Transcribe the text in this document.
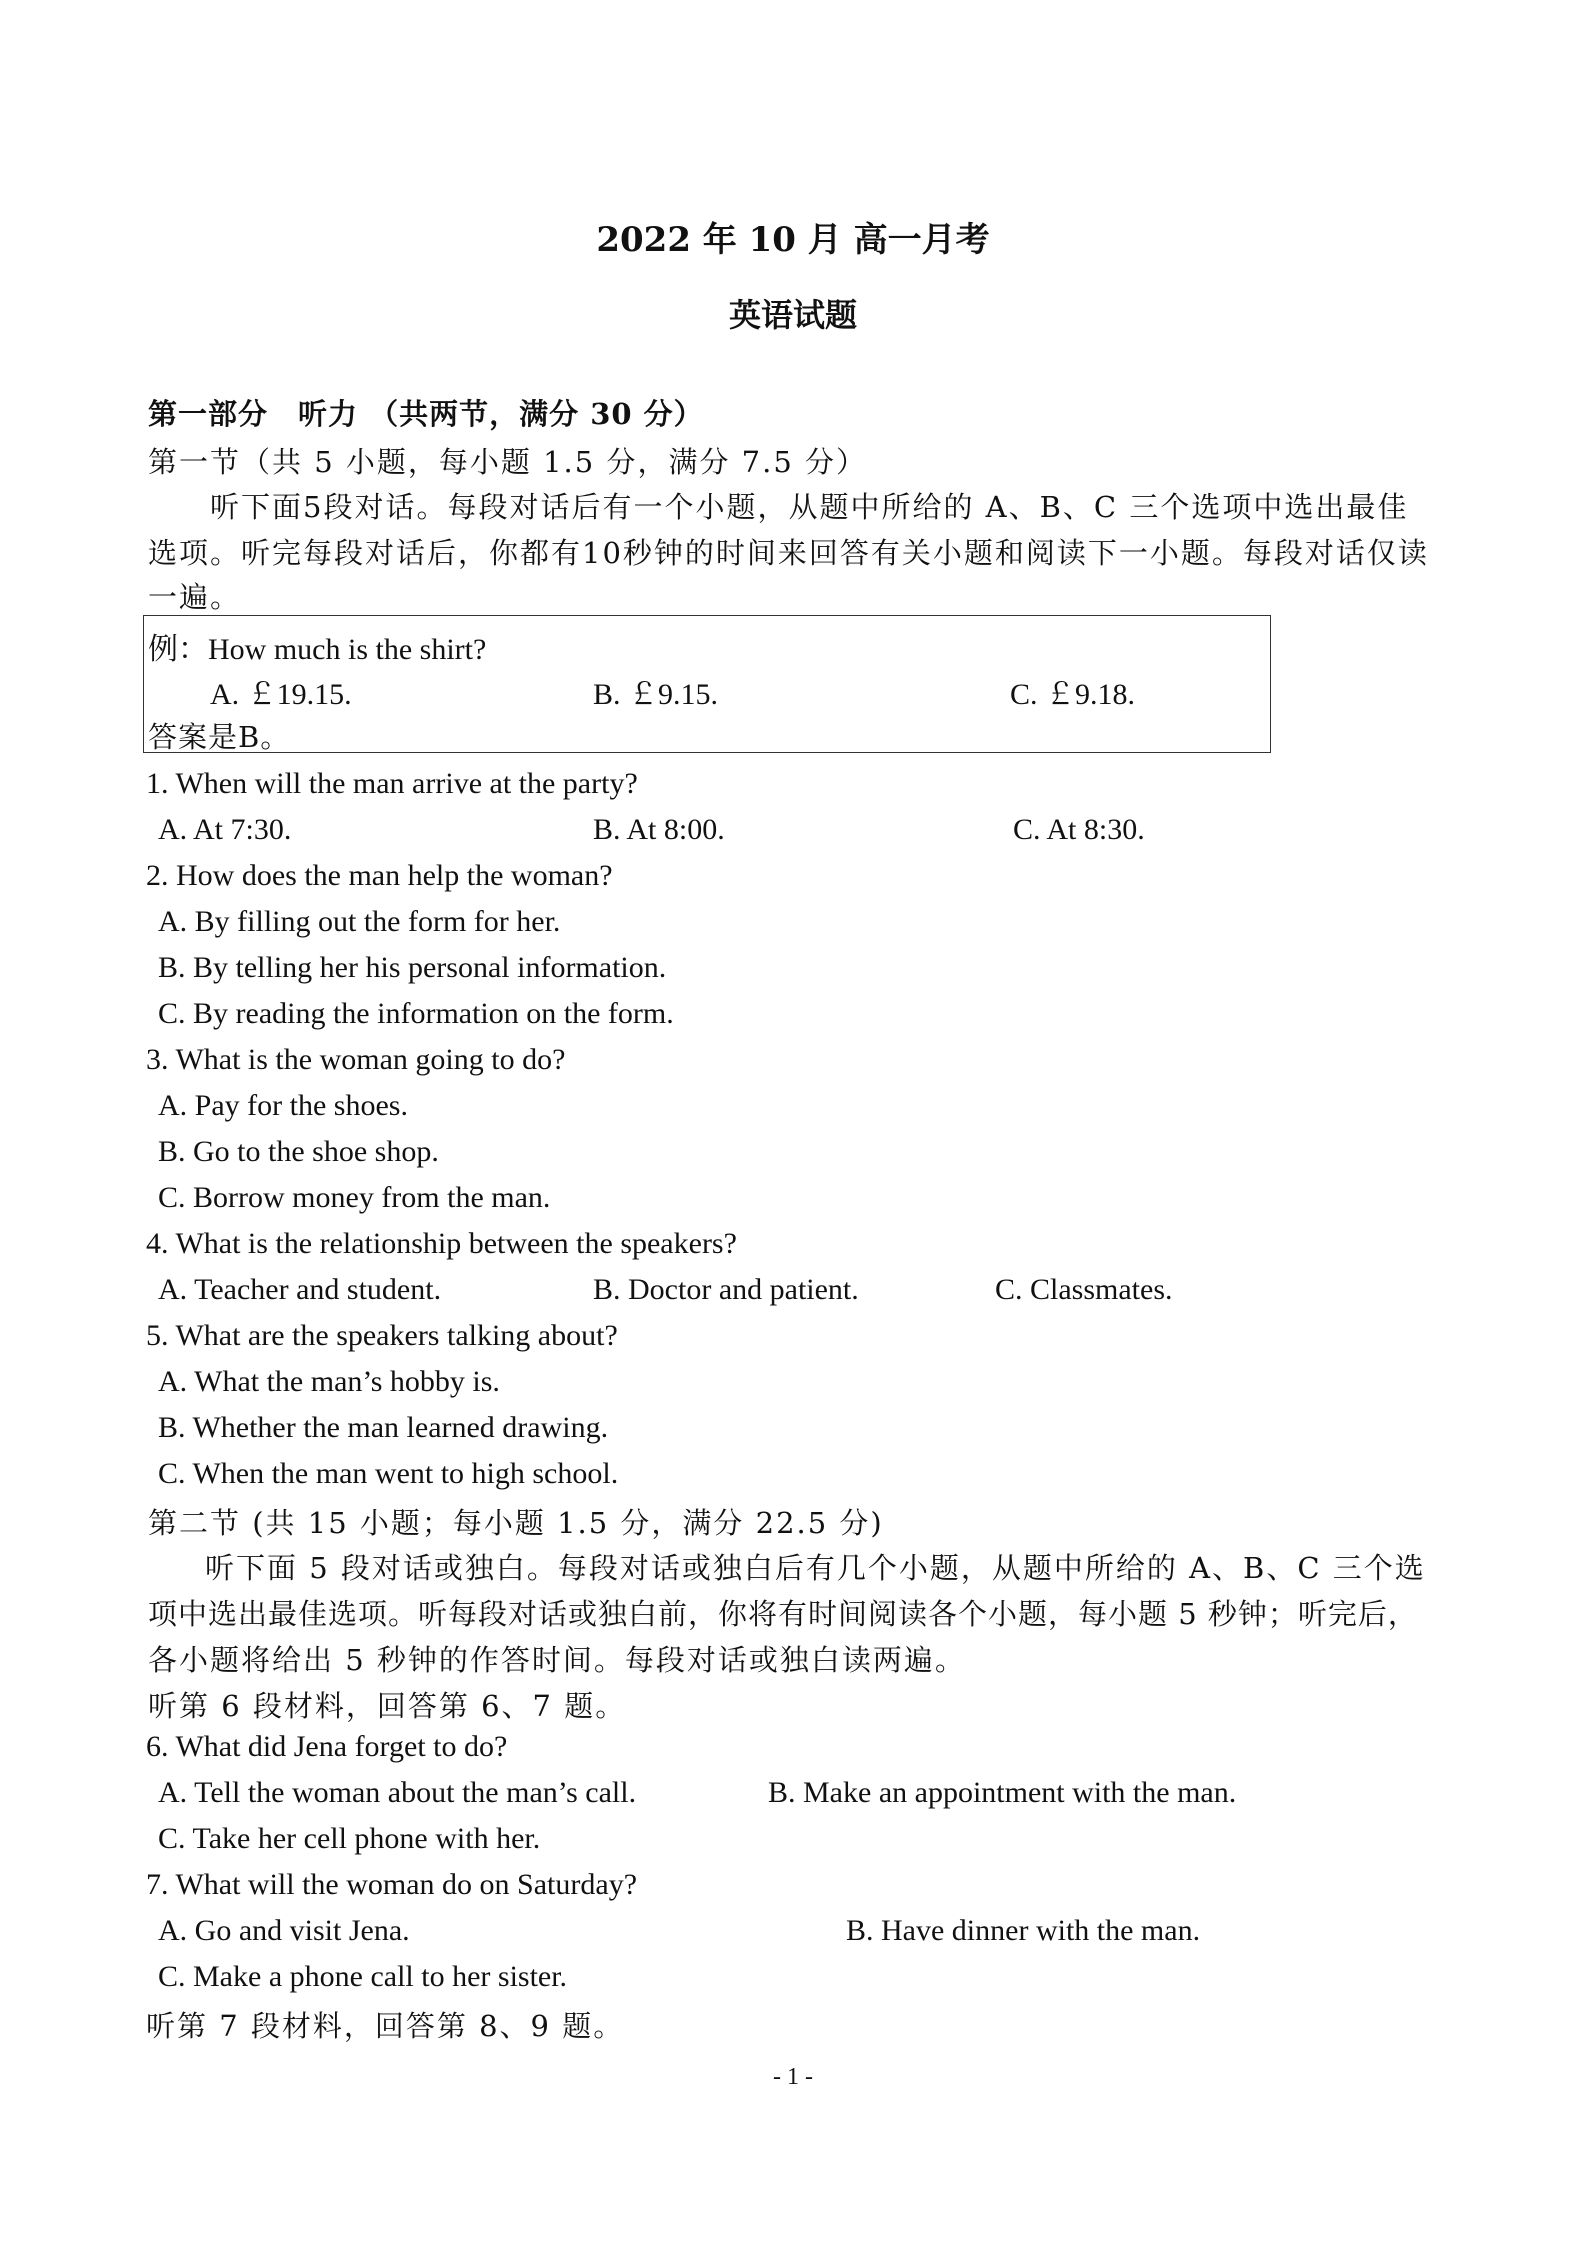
2022 年 10 月 高一月考
英语试题
第一部分　听力 （共两节，满分 30 分）
第一节（共 5 小题，每小题 1.5 分，满分 7.5 分）
听下面5段对话。每段对话后有一个小题，从题中所给的 A、B、C 三个选项中选出最佳
选项。听完每段对话后，你都有10秒钟的时间来回答有关小题和阅读下一小题。每段对话仅读
一遍。
例：How much is the shirt?
A. ￡19.15.	B. ￡9.15.	C. ￡9.18.
答案是B。
1. When will the man arrive at the party?
A. At 7:30.	B. At 8:00.	C. At 8:30.
2. How does the man help the woman?
A. By filling out the form for her.
B. By telling her his personal information.
C. By reading the information on the form.
3. What is the woman going to do?
A. Pay for the shoes.
B. Go to the shoe shop.
C. Borrow money from the man.
4. What is the relationship between the speakers?
A. Teacher and student.	B. Doctor and patient.	C. Classmates.
5. What are the speakers talking about?
A. What the man’s hobby is.
B. Whether the man learned drawing.
C. When the man went to high school.
第二节 (共 15 小题；每小题 1.5 分，满分 22.5 分)
听下面 5 段对话或独白。每段对话或独白后有几个小题，从题中所给的 A、B、C 三个选
项中选出最佳选项。听每段对话或独白前，你将有时间阅读各个小题，每小题 5 秒钟；听完后，
各小题将给出 5 秒钟的作答时间。每段对话或独白读两遍。
听第 6 段材料，回答第 6、7 题。
6. What did Jena forget to do?
A. Tell the woman about the man’s call.	B. Make an appointment with the man.
C. Take her cell phone with her.
7. What will the woman do on Saturday?
A. Go and visit Jena.	B. Have dinner with the man.
C. Make a phone call to her sister.
听第 7 段材料，回答第 8、9 题。
- 1 -
